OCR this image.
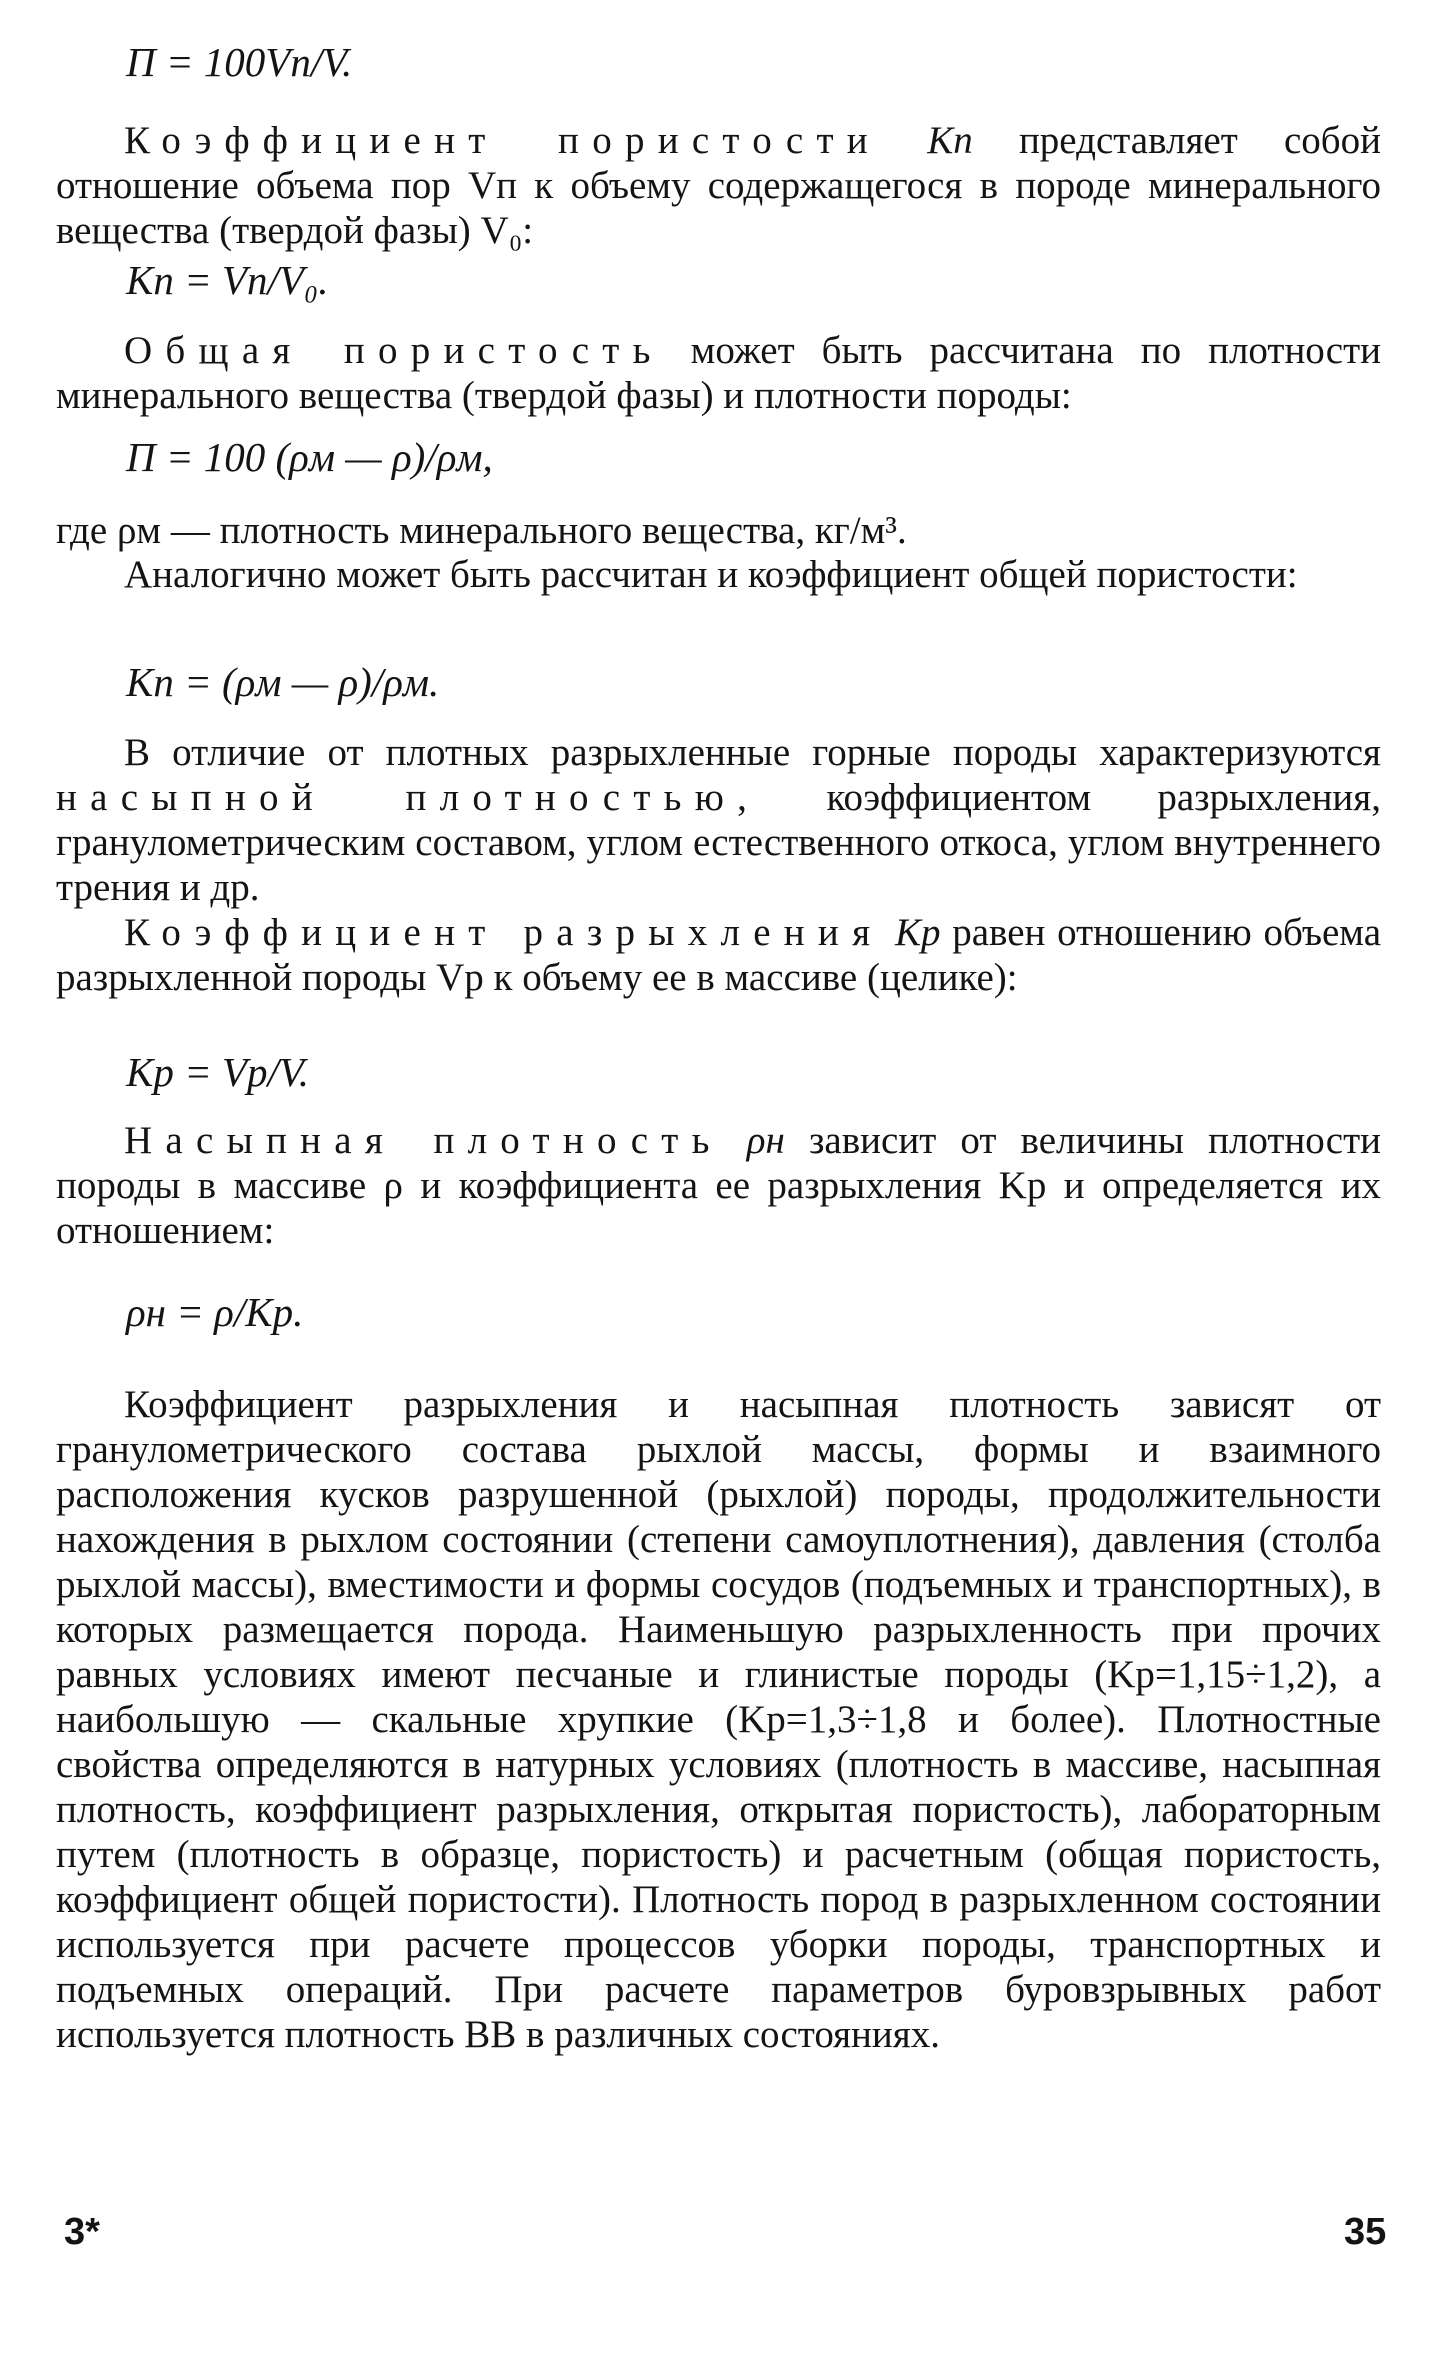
П = 100Vп/V.

Коэффициент пористости Kп представляет собой отношение объема пор Vп к объему содержащегося в породе минерального вещества (твердой фазы) V₀:

Kп = Vп/V₀.

Общая пористость может быть рассчитана по плотности минерального вещества (твердой фазы) и плотности породы:

П = 100 (ρм — ρ)/ρм,

где ρм — плотность минерального вещества, кг/м³.

Аналогично может быть рассчитан и коэффициент общей пористости:

Kп = (ρм — ρ)/ρм.

В отличие от плотных разрыхленные горные породы характеризуются насыпной плотностью, коэффициентом разрыхления, гранулометрическим составом, углом естественного откоса, углом внутреннего трения и др.

Коэффициент разрыхления Kр равен отношению объема разрыхленной породы Vр к объему ее в массиве (целике):

Kр = Vр/V.

Насыпная плотность ρн зависит от величины плотности породы в массиве ρ и коэффициента ее разрыхления Kр и определяется их отношением:

ρн = ρ/Kр.

Коэффициент разрыхления и насыпная плотность зависят от гранулометрического состава рыхлой массы, формы и взаимного расположения кусков разрушенной (рыхлой) породы, продолжительности нахождения в рыхлом состоянии (степени самоуплотнения), давления (столба рыхлой массы), вместимости и формы сосудов (подъемных и транспортных), в которых размещается порода. Наименьшую разрыхленность при прочих равных условиях имеют песчаные и глинистые породы (Kр=1,15÷1,2), а наибольшую — скальные хрупкие (Kр=1,3÷1,8 и более). Плотностные свойства определяются в натурных условиях (плотность в массиве, насыпная плотность, коэффициент разрыхления, открытая пористость), лабораторным путем (плотность в образце, пористость) и расчетным (общая пористость, коэффициент общей пористости). Плотность пород в разрыхленном состоянии используется при расчете процессов уборки породы, транспортных и подъемных операций. При расчете параметров буровзрывных работ используется плотность ВВ в различных состояниях.

3*	35
